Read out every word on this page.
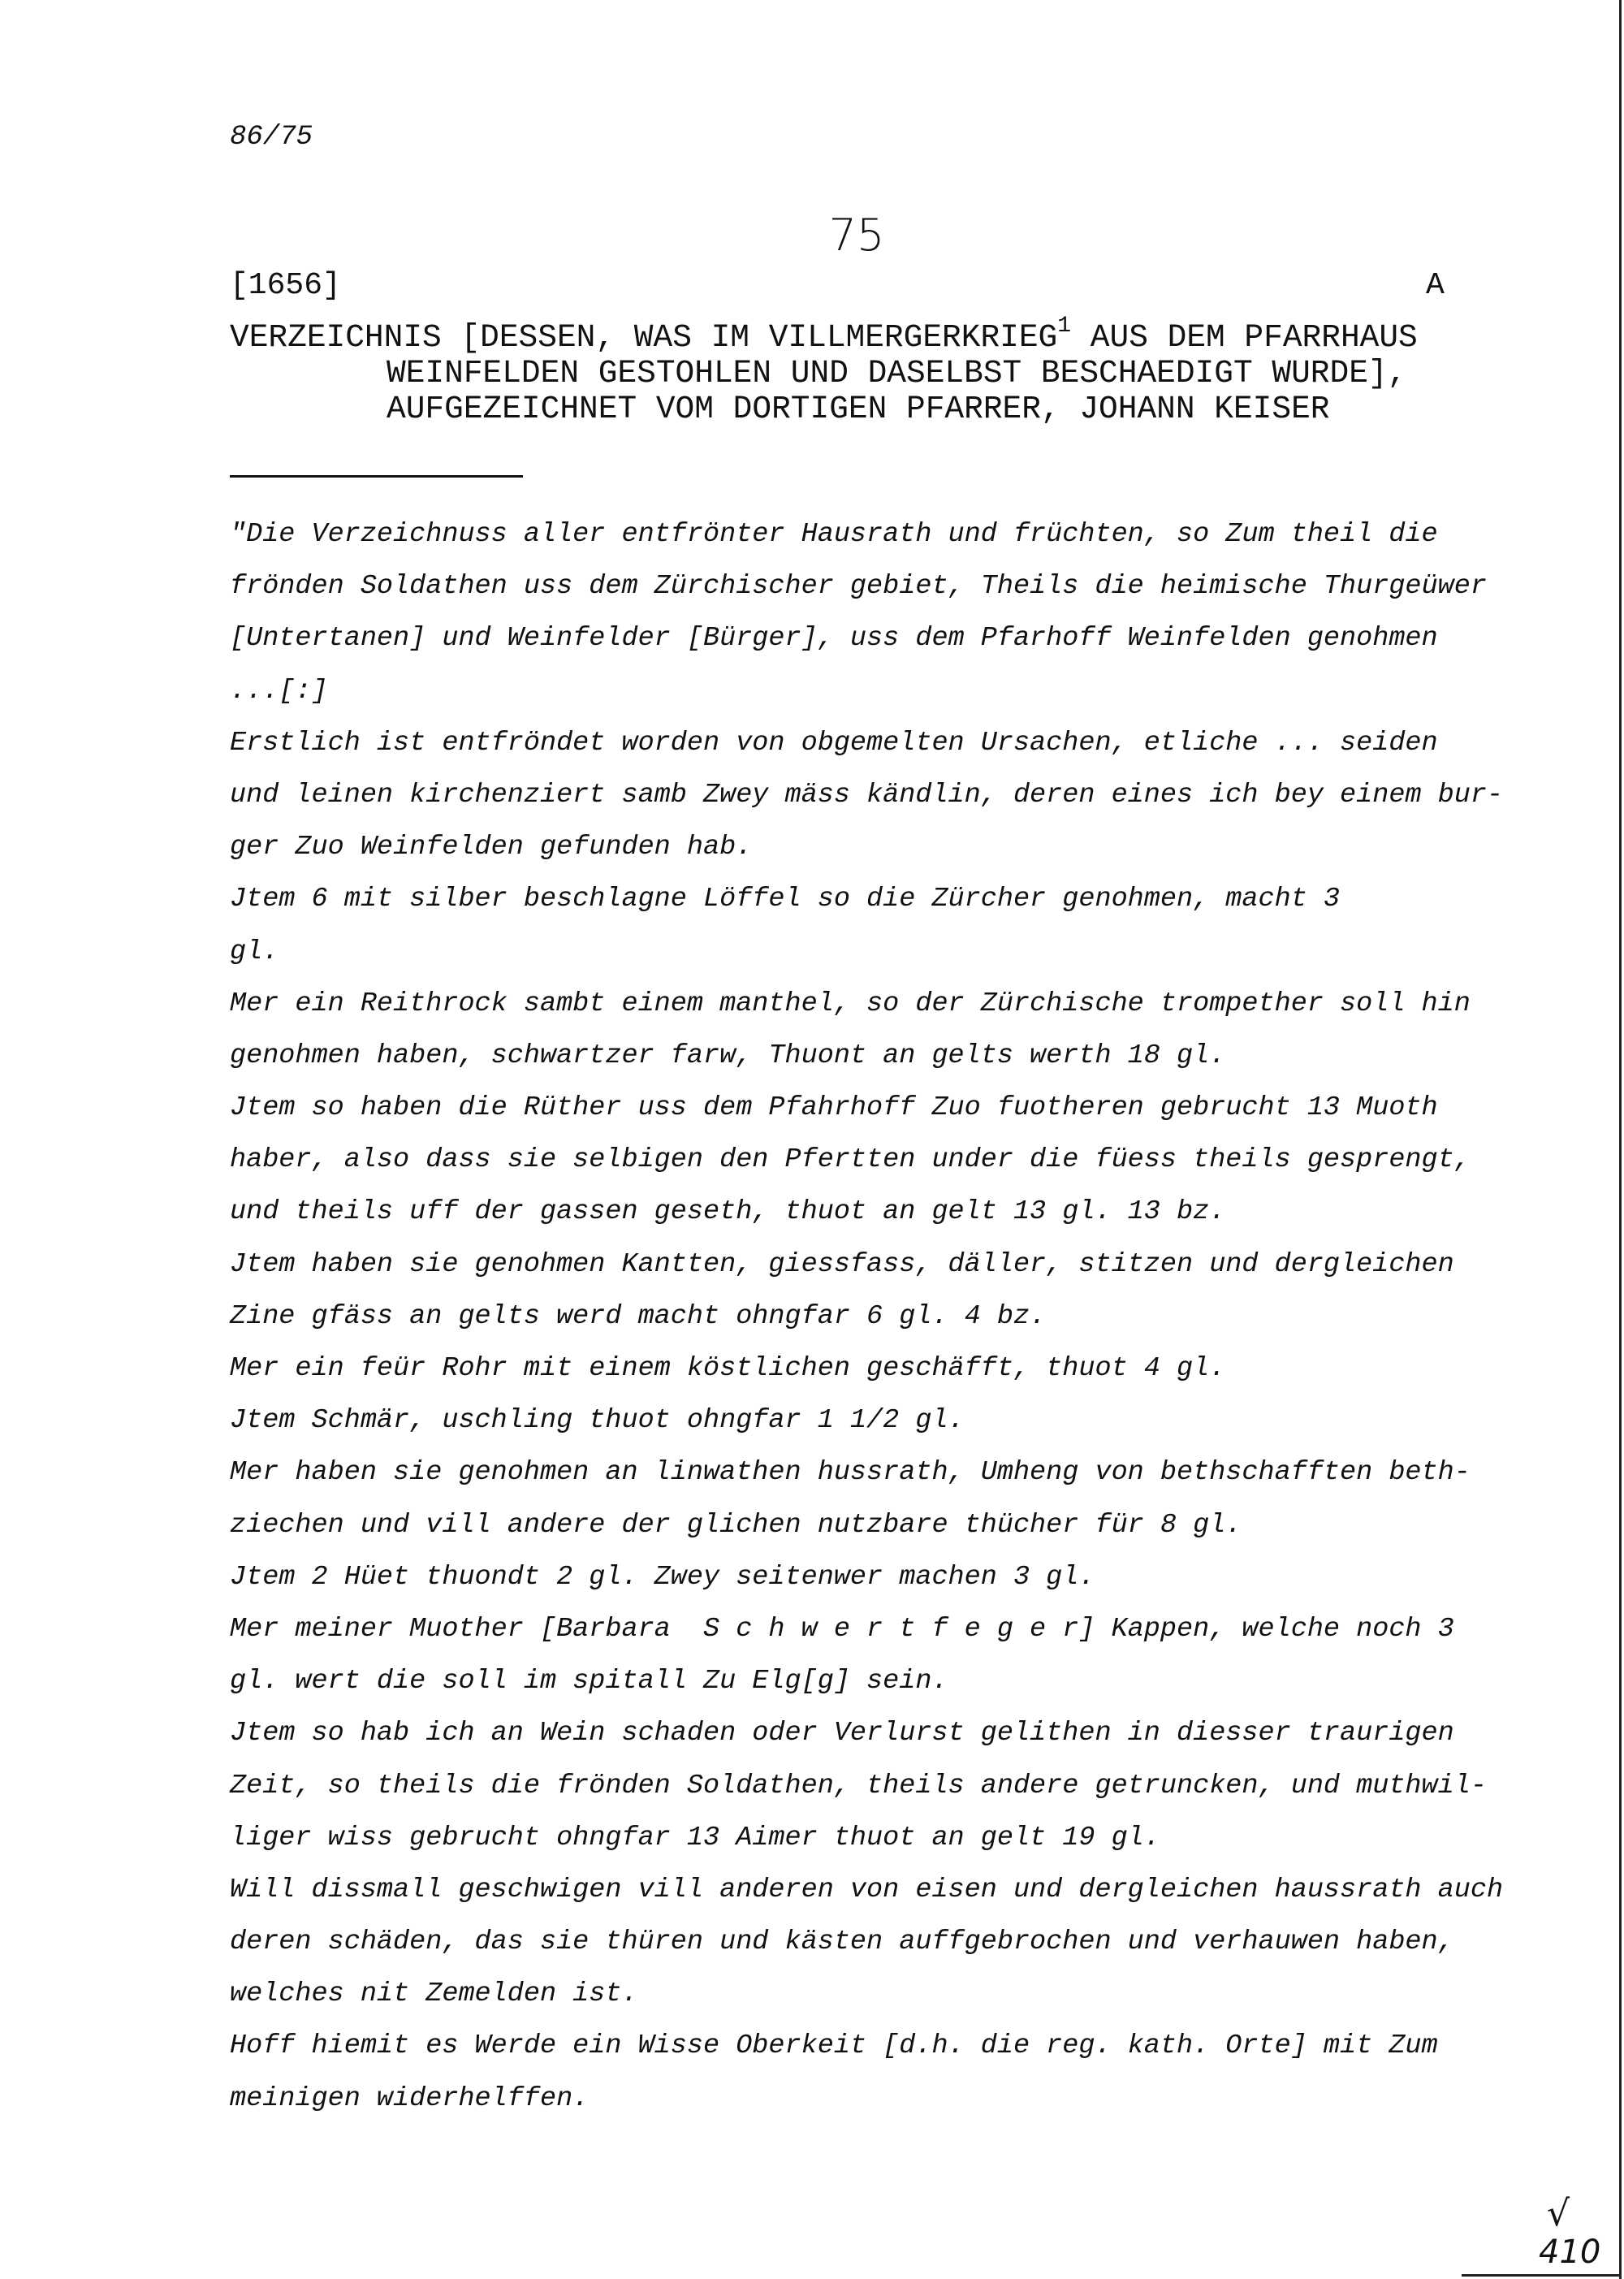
86/75
75
[1656]	A
VERZEICHNIS [DESSEN, WAS IM VILLMERGERKRIEG$^1$ AUS DEM PFARRHAUS
WEINFELDEN GESTOHLEN UND DASELBST BESCHAEDIGT WURDE],
AUFGEZEICHNET VOM DORTIGEN PFARRER, JOHANN KEISER
"Die Verzeichnuss aller entfrönter Hausrath und früchten, so Zum theil die
frönden Soldathen uss dem Zürchischer gebiet, Theils die heimische Thurgeüwer
[Untertanen] und Weinfelder [Bürger], uss dem Pfarhoff Weinfelden genohmen
...[:]
Erstlich ist entfröndet worden von obgemelten Ursachen, etliche ... seiden
und leinen kirchenziert samb Zwey mäss kändlin, deren eines ich bey einem bur-
ger Zuo Weinfelden gefunden hab.
Jtem 6 mit silber beschlagne Löffel so die Zürcher genohmen, macht 3
gl.
Mer ein Reithrock sambt einem manthel, so der Zürchische trompether soll hin
genohmen haben, schwartzer farw, Thuont an gelts werth 18 gl.
Jtem so haben die Rüther uss dem Pfahrhoff Zuo fuotheren gebrucht 13 Muoth
haber, also dass sie selbigen den Pfertten under die füess theils gesprengt,
und theils uff der gassen geseth, thuot an gelt 13 gl. 13 bz.
Jtem haben sie genohmen Kantten, giessfass, däller, stitzen und dergleichen
Zine gfäss an gelts werd macht ohngfar 6 gl. 4 bz.
Mer ein feür Rohr mit einem köstlichen geschäfft, thuot 4 gl.
Jtem Schmär, uschling thuot ohngfar 1 1/2 gl.
Mer haben sie genohmen an linwathen hussrath, Umheng von bethschafften beth-
ziechen und vill andere der glichen nutzbare thücher für 8 gl.
Jtem 2 Hüet thuondt 2 gl. Zwey seitenwer machen 3 gl.
Mer meiner Muother [Barbara  S c h w e r t f e g e r] Kappen, welche noch 3
gl. wert die soll im spitall Zu Elg[g] sein.
Jtem so hab ich an Wein schaden oder Verlurst gelithen in diesser traurigen
Zeit, so theils die frönden Soldathen, theils andere getruncken, und muthwil-
liger wiss gebrucht ohngfar 13 Aimer thuot an gelt 19 gl.
Will dissmall geschwigen vill anderen von eisen und dergleichen haussrath auch
deren schäden, das sie thüren und kästen auffgebrochen und verhauwen haben,
welches nit Zemelden ist.
Hoff hiemit es Werde ein Wisse Oberkeit [d.h. die reg. kath. Orte] mit Zum
meinigen widerhelffen.
√
410
